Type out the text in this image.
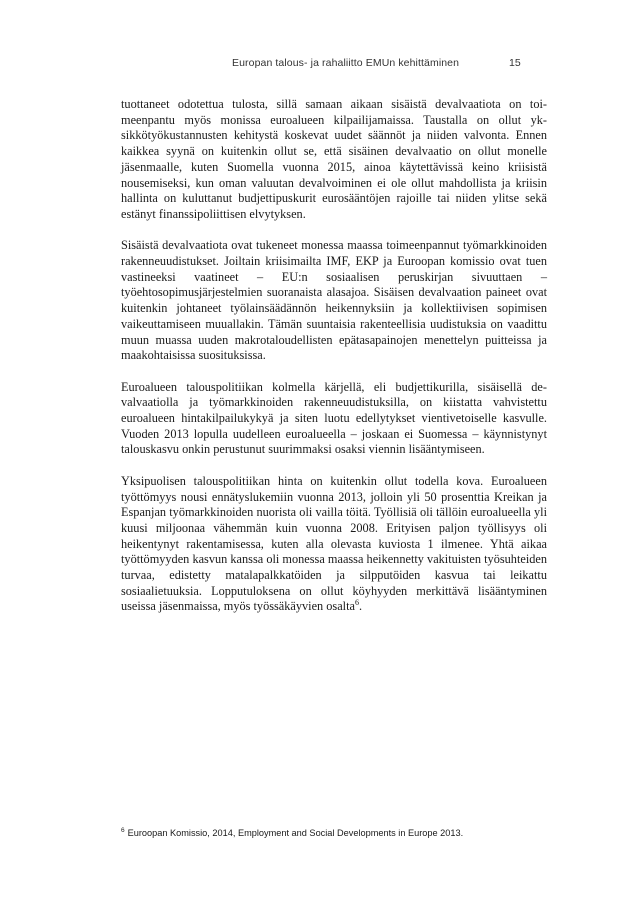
Europan talous- ja rahaliitto EMUn kehittäminen	15

tuottaneet odotettua tulosta, sillä samaan aikaan sisäistä devalvaatiota on toimeenpantu myös monissa euroalueen kilpailijamaissa. Taustalla on ollut yksikkötyökustannusten kehitystä koskevat uudet säännöt ja niiden valvonta. Ennen kaikkea syynä on kuitenkin ollut se, että sisäinen devalvaatio on ollut monelle jäsenmaalle, kuten Suomella vuonna 2015, ainoa käytettävissä keino kriisistä nousemiseksi, kun oman valuutan devalvoiminen ei ole ollut mahdollista ja kriisin hallinta on kuluttanut budjettipuskurit eurosääntöjen rajoille tai niiden ylitse sekä estänyt finanssipoliittisen elvytyksen.

Sisäistä devalvaatiota ovat tukeneet monessa maassa toimeenpannut työmarkkinoiden rakenneuudistukset. Joiltain kriisimailta IMF, EKP ja Euroopan komissio ovat tuen vastineeksi vaatineet – EU:n sosiaalisen peruskirjan sivuuttaen – työehtosopimusjärjestelmien suoranaista alasajoa. Sisäisen devalvaation paineet ovat kuitenkin johtaneet työlainsäädännön heikennyksiin ja kollektiivisen sopimisen vaikeuttamiseen muuallakin. Tämän suuntaisia rakenteellisia uudistuksia on vaadittu muun muassa uuden makrotaloudellisten epätasapainojen menettelyn puitteissa ja maakohtaisissa suosituksissa.

Euroalueen talouspolitiikan kolmella kärjellä, eli budjettikurilla, sisäisellä devalvaatiolla ja työmarkkinoiden rakenneuudistuksilla, on kiistatta vahvistettu euroalueen hintakilpailukykyä ja siten luotu edellytykset vientivetoiselle kasvulle. Vuoden 2013 lopulla uudelleen euroalueella – joskaan ei Suomessa – käynnistynyt talouskasvu onkin perustunut suurimmaksi osaksi viennin lisääntymiseen.

Yksipuolisen talouspolitiikan hinta on kuitenkin ollut todella kova. Euroalueen työttömyys nousi ennätyslukemiin vuonna 2013, jolloin yli 50 prosenttia Kreikan ja Espanjan työmarkkinoiden nuorista oli vailla töitä. Työllisiä oli tällöin euroalueella yli kuusi miljoonaa vähemmän kuin vuonna 2008. Erityisen paljon työllisyys oli heikentynyt rakentamisessa, kuten alla olevasta kuviosta 1 ilmenee. Yhtä aikaa työttömyyden kasvun kanssa oli monessa maassa heikennetty vakituisten työsuhteiden turvaa, edistetty matalapalkkatöiden ja silpputöiden kasvua tai leikattu sosiaalietuuksia. Lopputuloksena on ollut köyhyyden merkittävä lisääntyminen useissa jäsenmaissa, myös työssäkäyvien osalta$^6$.

$^6$ Euroopan Komissio, 2014, Employment and Social Developments in Europe 2013.
